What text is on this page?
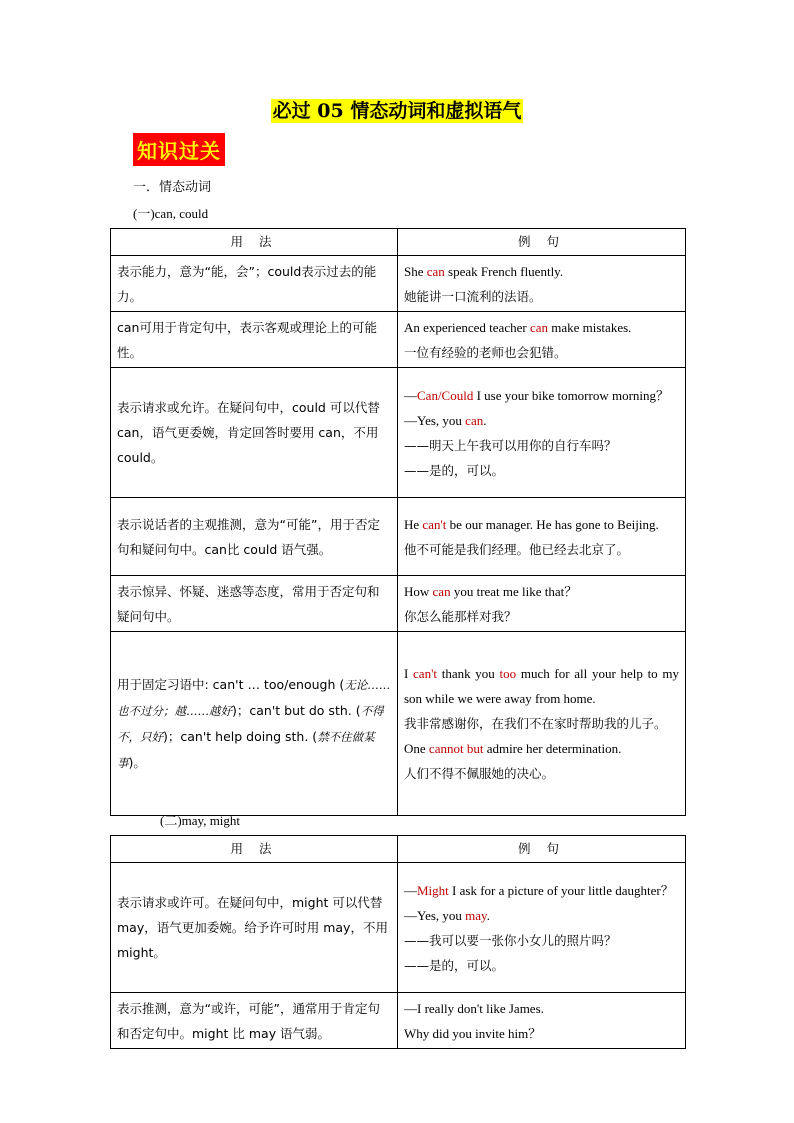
必过 05 情态动词和虚拟语气
知识过关
一．情态动词
(一)can, could
用 法	例 句
表示能力，意为“能，会”；could表示过去的能力。	She can speak French fluently.
她能讲一口流利的法语。

can可用于肯定句中，表示客观或理论上的可能性。	An experienced teacher can make mistakes.
一位有经验的老师也会犯错。

表示请求或允许。在疑问句中，could 可以代替 can，语气更委婉，肯定回答时要用 can，不用 could。	—Can/Could I use your bike tomorrow morning？
—Yes, you can.
——明天上午我可以用你的自行车吗？
——是的，可以。

表示说话者的主观推测，意为“可能”，用于否定句和疑问句中。can比 could 语气强。	He can't be our manager. He has gone to Beijing.
他不可能是我们经理。他已经去北京了。

表示惊异、怀疑、迷惑等态度，常用于否定句和疑问句中。	How can you treat me like that？
你怎么能那样对我？

用于固定习语中: can't … too/enough (无论……也不过分；越……越好)；can't but do sth. (不得不，只好)；can't help doing sth. (禁不住做某事)。	I can't thank you too much for all your help to my son while we were away from home.
我非常感谢你，在我们不在家时帮助我的儿子。
One cannot but admire her determination.
人们不得不佩服她的决心。
(二)may, might
用 法	例 句
表示请求或许可。在疑问句中，might 可以代替 may，语气更加委婉。给予许可时用 may，不用 might。	—Might I ask for a picture of your little daughter？
—Yes, you may.
——我可以要一张你小女儿的照片吗？
——是的，可以。

表示推测，意为“或许，可能”，通常用于肯定句和否定句中。might 比 may 语气弱。	—I really don't like James.
Why did you invite him？
